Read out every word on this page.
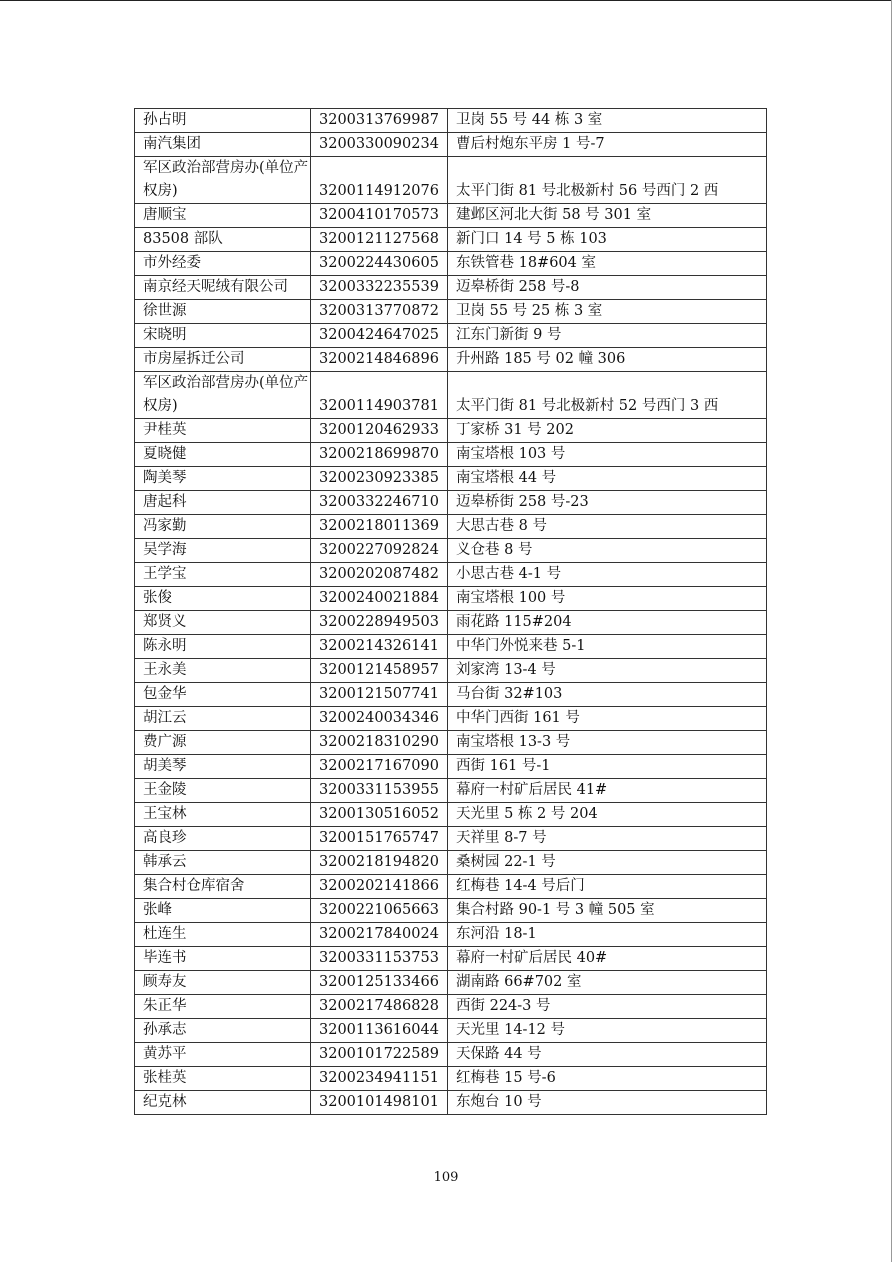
孙占明	3200313769987	卫岗 55 号 44 栋 3 室
南汽集团	3200330090234	曹后村炮东平房 1 号-7
军区政治部营房办(单位产权房)	3200114912076	太平门街 81 号北极新村 56 号西门 2 西
唐顺宝	3200410170573	建邺区河北大街 58 号 301 室
83508 部队	3200121127568	新门口 14 号 5 栋 103
市外经委	3200224430605	东铁管巷 18#604 室
南京经天呢绒有限公司	3200332235539	迈皋桥街 258 号-8
徐世源	3200313770872	卫岗 55 号 25 栋 3 室
宋晓明	3200424647025	江东门新街 9 号
市房屋拆迁公司	3200214846896	升州路 185 号 02 幢 306
军区政治部营房办(单位产权房)	3200114903781	太平门街 81 号北极新村 52 号西门 3 西
尹桂英	3200120462933	丁家桥 31 号 202
夏晓健	3200218699870	南宝塔根 103 号
陶美琴	3200230923385	南宝塔根 44 号
唐起科	3200332246710	迈皋桥街 258 号-23
冯家勤	3200218011369	大思古巷 8 号
吴学海	3200227092824	义仓巷 8 号
王学宝	3200202087482	小思古巷 4-1 号
张俊	3200240021884	南宝塔根 100 号
郑贤义	3200228949503	雨花路 115#204
陈永明	3200214326141	中华门外悦来巷 5-1
王永美	3200121458957	刘家湾 13-4 号
包金华	3200121507741	马台街 32#103
胡江云	3200240034346	中华门西街 161 号
费广源	3200218310290	南宝塔根 13-3 号
胡美琴	3200217167090	西街 161 号-1
王金陵	3200331153955	幕府一村矿后居民 41#
王宝林	3200130516052	天光里 5 栋 2 号 204
高良珍	3200151765747	天祥里 8-7 号
韩承云	3200218194820	桑树园 22-1 号
集合村仓库宿舍	3200202141866	红梅巷 14-4 号后门
张峰	3200221065663	集合村路 90-1 号 3 幢 505 室
杜连生	3200217840024	东河沿 18-1
毕连书	3200331153753	幕府一村矿后居民 40#
顾寿友	3200125133466	湖南路 66#702 室
朱正华	3200217486828	西街 224-3 号
孙承志	3200113616044	天光里 14-12 号
黄苏平	3200101722589	天保路 44 号
张桂英	3200234941151	红梅巷 15 号-6
纪克林	3200101498101	东炮台 10 号
109
